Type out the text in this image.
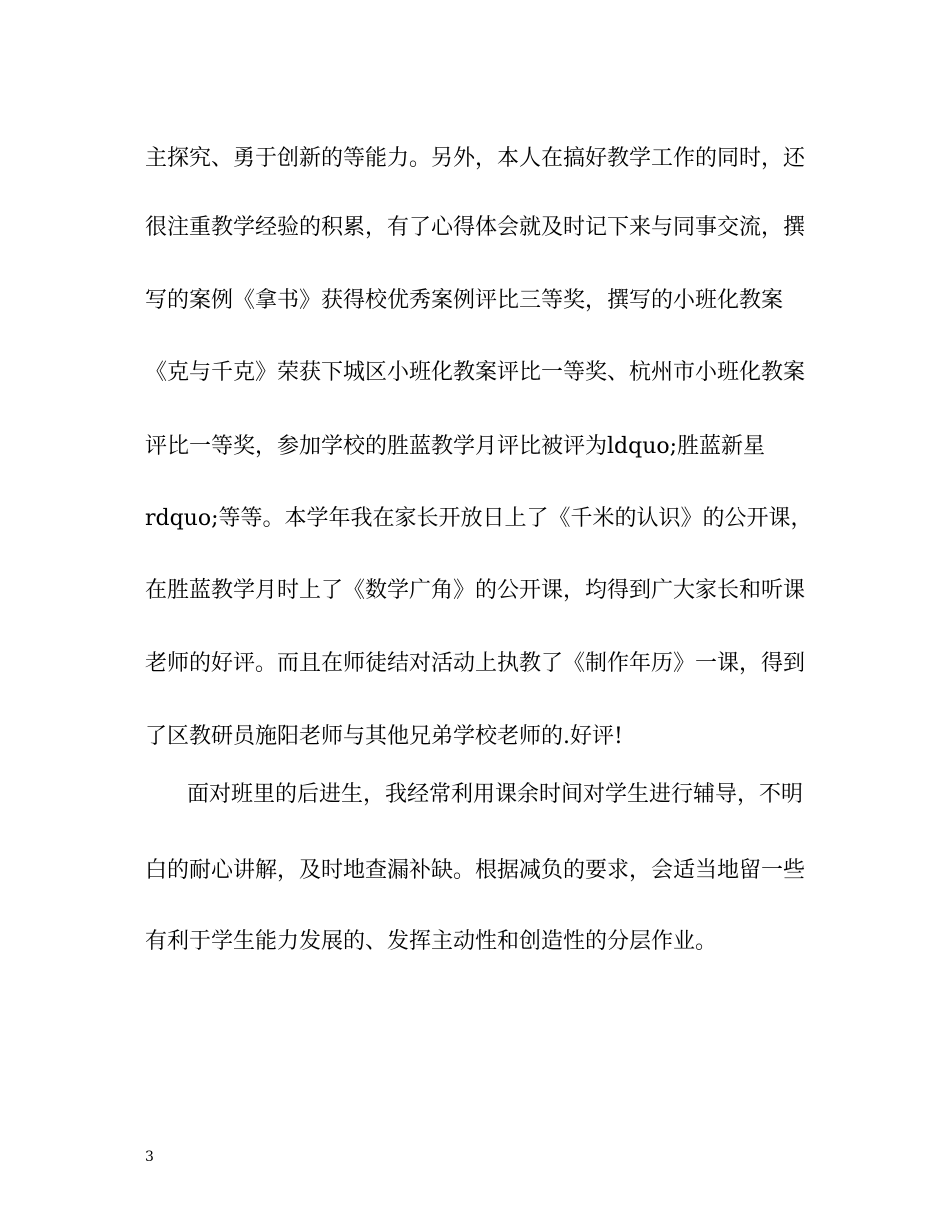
主探究、勇于创新的等能力。另外，本人在搞好教学工作的同时，还
很注重教学经验的积累，有了心得体会就及时记下来与同事交流，撰
写的案例《拿书》获得校优秀案例评比三等奖，撰写的小班化教案
《克与千克》荣获下城区小班化教案评比一等奖、杭州市小班化教案
评比一等奖，参加学校的胜蓝教学月评比被评为ldquo;胜蓝新星
rdquo;等等。本学年我在家长开放日上了《千米的认识》的公开课，
在胜蓝教学月时上了《数学广角》的公开课，均得到广大家长和听课
老师的好评。而且在师徒结对活动上执教了《制作年历》一课，得到
了区教研员施阳老师与其他兄弟学校老师的.好评!
面对班里的后进生，我经常利用课余时间对学生进行辅导，不明
白的耐心讲解，及时地查漏补缺。根据减负的要求，会适当地留一些
有利于学生能力发展的、发挥主动性和创造性的分层作业。
3
